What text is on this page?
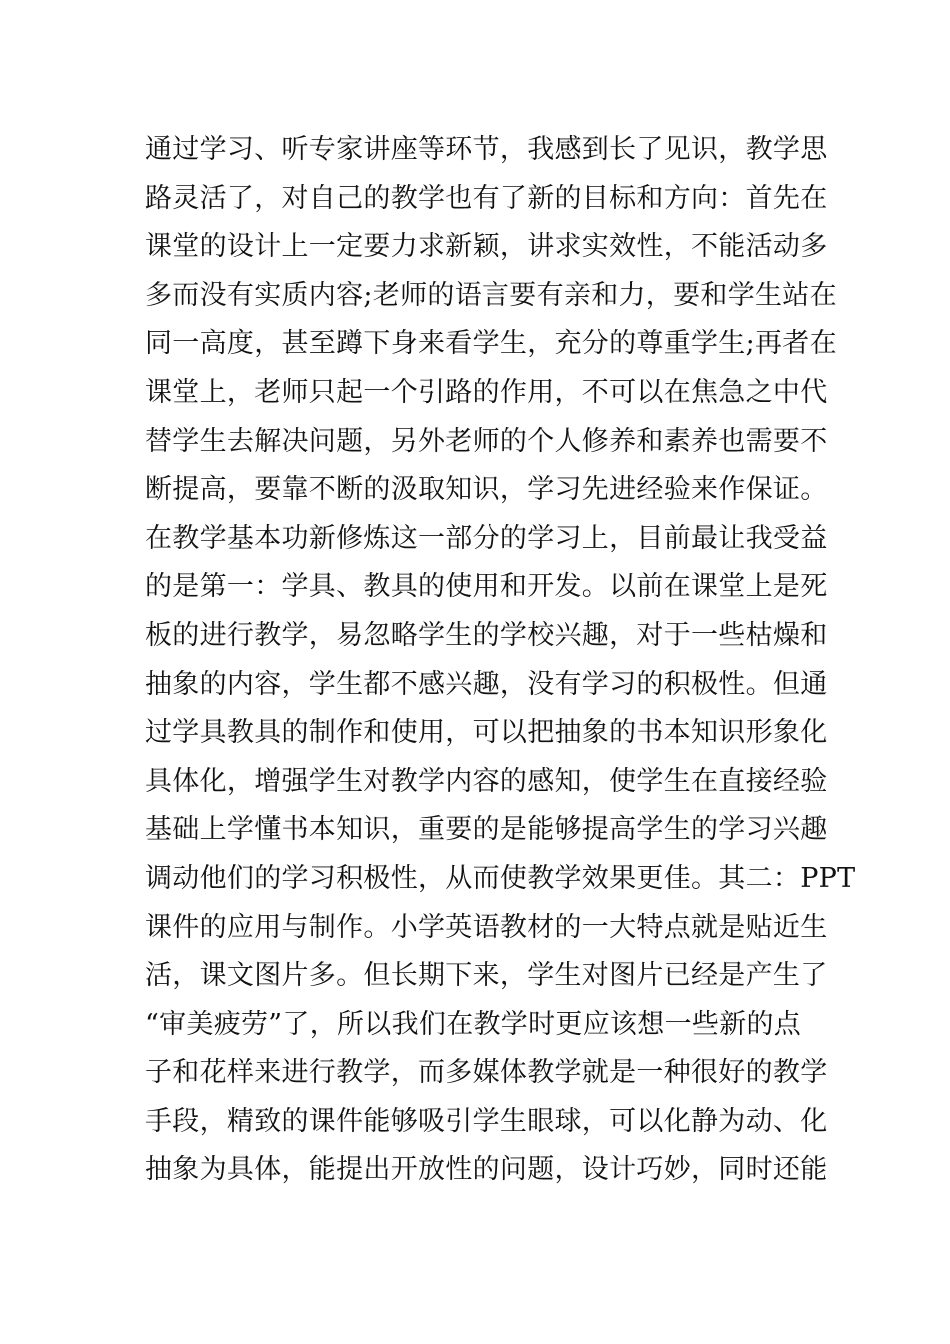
通过学习、听专家讲座等环节，我感到长了见识，教学思
路灵活了，对自己的教学也有了新的目标和方向：首先在
课堂的设计上一定要力求新颖，讲求实效性，不能活动多
多而没有实质内容;老师的语言要有亲和力，要和学生站在
同一高度，甚至蹲下身来看学生，充分的尊重学生;再者在
课堂上，老师只起一个引路的作用，不可以在焦急之中代
替学生去解决问题，另外老师的个人修养和素养也需要不
断提高，要靠不断的汲取知识，学习先进经验来作保证。
在教学基本功新修炼这一部分的学习上，目前最让我受益
的是第一：学具、教具的使用和开发。以前在课堂上是死
板的进行教学，易忽略学生的学校兴趣，对于一些枯燥和
抽象的内容，学生都不感兴趣，没有学习的积极性。但通
过学具教具的制作和使用，可以把抽象的书本知识形象化
具体化，增强学生对教学内容的感知，使学生在直接经验
基础上学懂书本知识，重要的是能够提高学生的学习兴趣
调动他们的学习积极性，从而使教学效果更佳。其二：PPT
课件的应用与制作。小学英语教材的一大特点就是贴近生
活，课文图片多。但长期下来，学生对图片已经是产生了
“审美疲劳”了，所以我们在教学时更应该想一些新的点
子和花样来进行教学，而多媒体教学就是一种很好的教学
手段，精致的课件能够吸引学生眼球，可以化静为动、化
抽象为具体，能提出开放性的问题，设计巧妙，同时还能
